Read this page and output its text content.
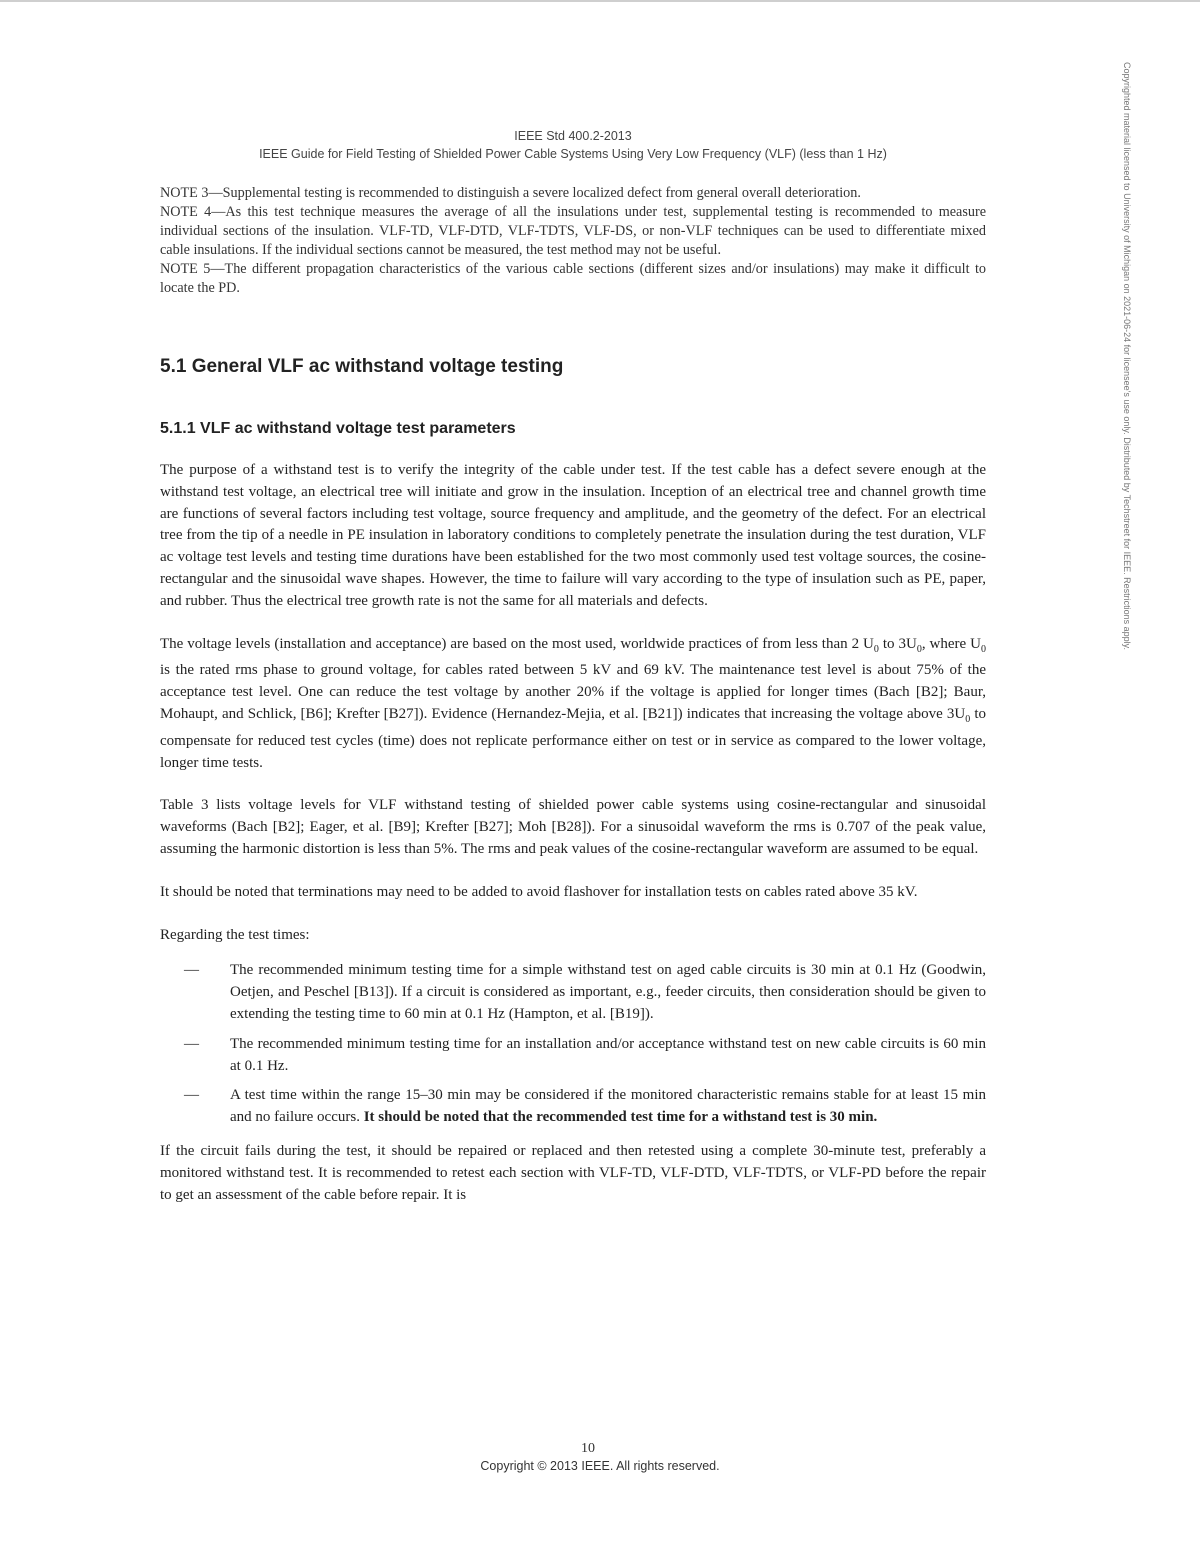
Copyrighted material licensed to University of Michigan on 2021-06-24 for licensee's use only. Distributed by Techstreet for IEEE. Restrictions apply.

IEEE Std 400.2-2013

IEEE Guide for Field Testing of Shielded Power Cable Systems Using Very Low Frequency (VLF) (less than 1 Hz)

NOTE 3—Supplemental testing is recommended to distinguish a severe localized defect from general overall deterioration.

NOTE 4—As this test technique measures the average of all the insulations under test, supplemental testing is recommended to measure individual sections of the insulation. VLF-TD, VLF-DTD, VLF-TDTS, VLF-DS, or non-VLF techniques can be used to differentiate mixed cable insulations. If the individual sections cannot be measured, the test method may not be useful.

NOTE 5—The different propagation characteristics of the various cable sections (different sizes and/or insulations) may make it difficult to locate the PD.

5.1 General VLF ac withstand voltage testing
5.1.1 VLF ac withstand voltage test parameters

The purpose of a withstand test is to verify the integrity of the cable under test. If the test cable has a defect severe enough at the withstand test voltage, an electrical tree will initiate and grow in the insulation. Inception of an electrical tree and channel growth time are functions of several factors including test voltage, source frequency and amplitude, and the geometry of the defect. For an electrical tree from the tip of a needle in PE insulation in laboratory conditions to completely penetrate the insulation during the test duration, VLF ac voltage test levels and testing time durations have been established for the two most commonly used test voltage sources, the cosine-rectangular and the sinusoidal wave shapes. However, the time to failure will vary according to the type of insulation such as PE, paper, and rubber. Thus the electrical tree growth rate is not the same for all materials and defects.

The voltage levels (installation and acceptance) are based on the most used, worldwide practices of from less than 2 $U_0$ to $3U_0$, where $U_0$ is the rated rms phase to ground voltage, for cables rated between 5 kV and 69 kV. The maintenance test level is about 75% of the acceptance test level. One can reduce the test voltage by another 20% if the voltage is applied for longer times (Bach [B2]; Baur, Mohaupt, and Schlick, [B6]; Krefter [B27]). Evidence (Hernandez-Mejia, et al. [B21]) indicates that increasing the voltage above $3U_0$ to compensate for reduced test cycles (time) does not replicate performance either on test or in service as compared to the lower voltage, longer time tests.

Table 3 lists voltage levels for VLF withstand testing of shielded power cable systems using cosine-rectangular and sinusoidal waveforms (Bach [B2]; Eager, et al. [B9]; Krefter [B27]; Moh [B28]). For a sinusoidal waveform the rms is 0.707 of the peak value, assuming the harmonic distortion is less than 5%. The rms and peak values of the cosine-rectangular waveform are assumed to be equal.

It should be noted that terminations may need to be added to avoid flashover for installation tests on cables rated above 35 kV.

Regarding the test times:

— The recommended minimum testing time for a simple withstand test on aged cable circuits is 30 min at 0.1 Hz (Goodwin, Oetjen, and Peschel [B13]). If a circuit is considered as important, e.g., feeder circuits, then consideration should be given to extending the testing time to 60 min at 0.1 Hz (Hampton, et al. [B19]).
— The recommended minimum testing time for an installation and/or acceptance withstand test on new cable circuits is 60 min at 0.1 Hz.
— A test time within the range 15–30 min may be considered if the monitored characteristic remains stable for at least 15 min and no failure occurs. It should be noted that the recommended test time for a withstand test is 30 min.

If the circuit fails during the test, it should be repaired or replaced and then retested using a complete 30-minute test, preferably a monitored withstand test. It is recommended to retest each section with VLF-TD, VLF-DTD, VLF-TDTS, or VLF-PD before the repair to get an assessment of the cable before repair. It is

10

Copyright © 2013 IEEE. All rights reserved.
